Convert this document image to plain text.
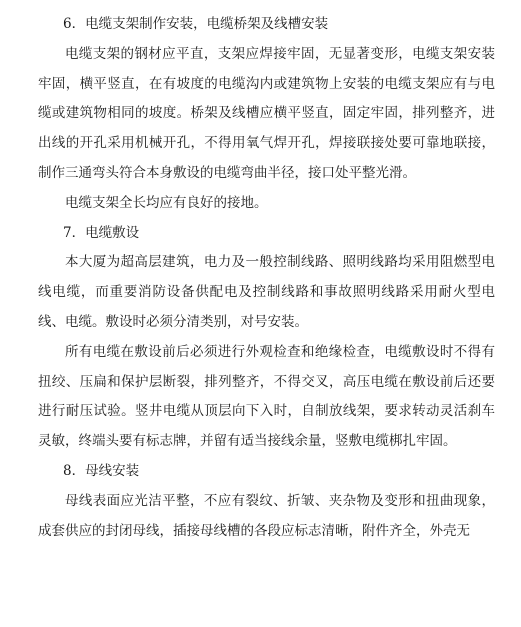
6．电缆支架制作安装，电缆桥架及线槽安装

电缆支架的钢材应平直，支架应焊接牢固，无显著变形，电缆支架安装牢固，横平竖直，在有坡度的电缆沟内或建筑物上安装的电缆支架应有与电缆或建筑物相同的坡度。桥架及线槽应横平竖直，固定牢固，排列整齐，进出线的开孔采用机械开孔，不得用氧气焊开孔，焊接联接处要可靠地联接，制作三通弯头符合本身敷设的电缆弯曲半径，接口处平整光滑。

电缆支架全长均应有良好的接地。

7．电缆敷设

本大厦为超高层建筑，电力及一般控制线路、照明线路均采用阻燃型电线电缆，而重要消防设备供配电及控制线路和事故照明线路采用耐火型电线、电缆。敷设时必须分清类别，对号安装。

所有电缆在敷设前后必须进行外观检查和绝缘检查，电缆敷设时不得有扭绞、压扁和保护层断裂，排列整齐，不得交叉，高压电缆在敷设前后还要进行耐压试验。竖井电缆从顶层向下入时，自制放线架，要求转动灵活刹车灵敏，终端头要有标志牌，并留有适当接线余量，竖敷电缆梆扎牢固。

8．母线安装

母线表面应光洁平整，不应有裂纹、折皱、夹杂物及变形和扭曲现象，成套供应的封闭母线，插接母线槽的各段应标志清晰，附件齐全，外壳无
